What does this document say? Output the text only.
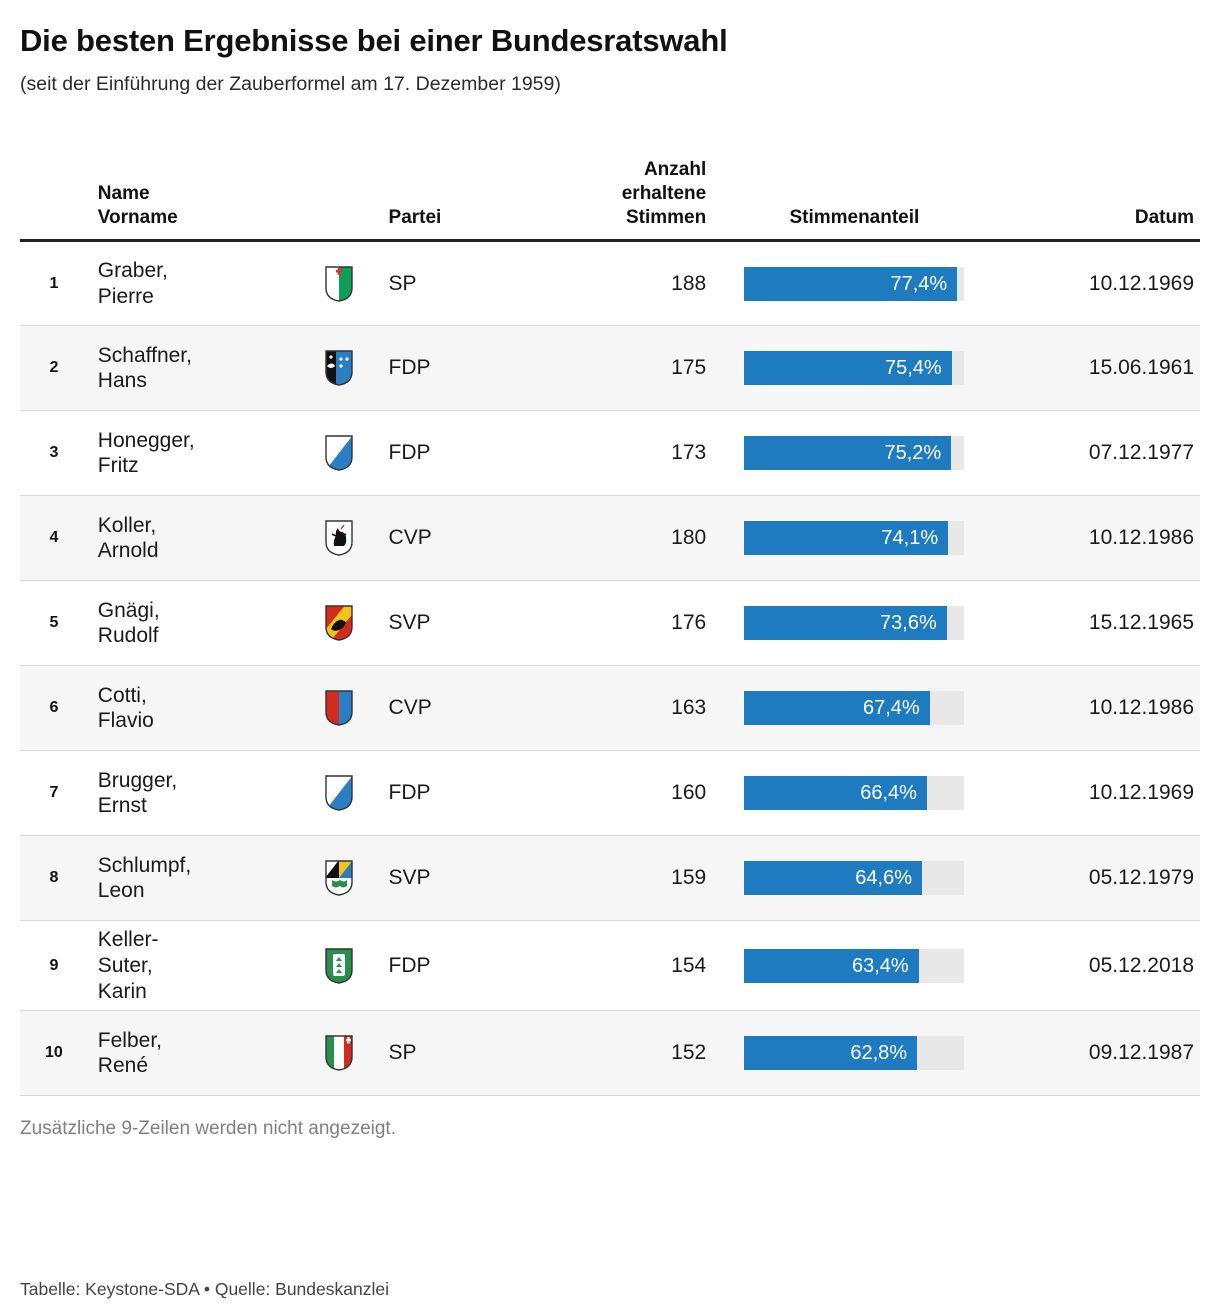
Die besten Ergebnisse bei einer Bundesratswahl
(seit der Einführung der Zauberformel am 17. Dezember 1959)

Name
Vorname		Partei	
Anzahl
erhaltene
Stimmen	Stimmenanteil	Datum
1	Graber,
Pierre		SP	188	77,4%	10.12.1969
2	Schaffner,
Hans		FDP	175	75,4%	15.06.1961
3	Honegger,
Fritz		FDP	173	75,2%	07.12.1977
4	Koller,
Arnold		CVP	180	74,1%	10.12.1986
5	Gnägi,
Rudolf		SVP	176	73,6%	15.12.1965
6	Cotti,
Flavio		CVP	163	67,4%	10.12.1986
7	Brugger,
Ernst		FDP	160	66,4%	10.12.1969
8	Schlumpf,
Leon		SVP	159	64,6%	05.12.1979
9	Keller-
Suter,
Karin		FDP	154	63,4%	05.12.2018
10	Felber,
René		SP	152	62,8%	09.12.1987
Zusätzliche 9-Zeilen werden nicht angezeigt.
Tabelle: Keystone-SDA • Quelle: Bundeskanzlei
